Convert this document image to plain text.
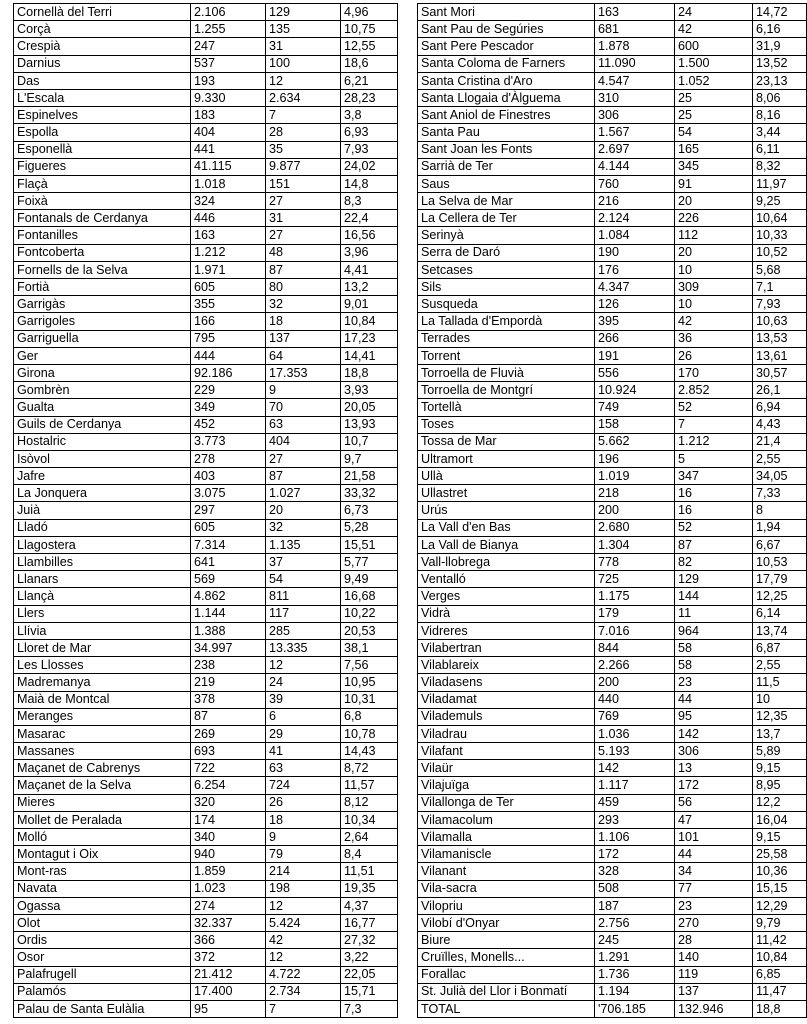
Cornellà del Terri	2.106	129	4,96
Corçà	1.255	135	10,75
Crespià	247	31	12,55
Darnius	537	100	18,6
Das	193	12	6,21
L'Escala	9.330	2.634	28,23
Espinelves	183	7	3,8
Espolla	404	28	6,93
Esponellà	441	35	7,93
Figueres	41.115	9.877	24,02
Flaçà	1.018	151	14,8
Foixà	324	27	8,3
Fontanals de Cerdanya	446	31	22,4
Fontanilles	163	27	16,56
Fontcoberta	1.212	48	3,96
Fornells de la Selva	1.971	87	4,41
Fortià	605	80	13,2
Garrigàs	355	32	9,01
Garrigoles	166	18	10,84
Garriguella	795	137	17,23
Ger	444	64	14,41
Girona	92.186	17.353	18,8
Gombrèn	229	9	3,93
Gualta	349	70	20,05
Guils de Cerdanya	452	63	13,93
Hostalric	3.773	404	10,7
Isòvol	278	27	9,7
Jafre	403	87	21,58
La Jonquera	3.075	1.027	33,32
Juià	297	20	6,73
Lladó	605	32	5,28
Llagostera	7.314	1.135	15,51
Llambilles	641	37	5,77
Llanars	569	54	9,49
Llançà	4.862	811	16,68
Llers	1.144	117	10,22
Llívia	1.388	285	20,53
Lloret de Mar	34.997	13.335	38,1
Les Llosses	238	12	7,56
Madremanya	219	24	10,95
Maià de Montcal	378	39	10,31
Meranges	87	6	6,8
Masarac	269	29	10,78
Massanes	693	41	14,43
Maçanet de Cabrenys	722	63	8,72
Maçanet de la Selva	6.254	724	11,57
Mieres	320	26	8,12
Mollet de Peralada	174	18	10,34
Molló	340	9	2,64
Montagut i Oix	940	79	8,4
Mont-ras	1.859	214	11,51
Navata	1.023	198	19,35
Ogassa	274	12	4,37
Olot	32.337	5.424	16,77
Ordis	366	42	27,32
Osor	372	12	3,22
Palafrugell	21.412	4.722	22,05
Palamós	17.400	2.734	15,71
Palau de Santa Eulàlia	95	7	7,3
Sant Mori	163	24	14,72
Sant Pau de Segúries	681	42	6,16
Sant Pere Pescador	1.878	600	31,9
Santa Coloma de Farners	11.090	1.500	13,52
Santa Cristina d'Aro	4.547	1.052	23,13
Santa Llogaia d'Àlguema	310	25	8,06
Sant Aniol de Finestres	306	25	8,16
Santa Pau	1.567	54	3,44
Sant Joan les Fonts	2.697	165	6,11
Sarrià de Ter	4.144	345	8,32
Saus	760	91	11,97
La Selva de Mar	216	20	9,25
La Cellera de Ter	2.124	226	10,64
Serinyà	1.084	112	10,33
Serra de Daró	190	20	10,52
Setcases	176	10	5,68
Sils	4.347	309	7,1
Susqueda	126	10	7,93
La Tallada d'Empordà	395	42	10,63
Terrades	266	36	13,53
Torrent	191	26	13,61
Torroella de Fluvià	556	170	30,57
Torroella de Montgrí	10.924	2.852	26,1
Tortellà	749	52	6,94
Toses	158	7	4,43
Tossa de Mar	5.662	1.212	21,4
Ultramort	196	5	2,55
Ullà	1.019	347	34,05
Ullastret	218	16	7,33
Urús	200	16	8
La Vall d'en Bas	2.680	52	1,94
La Vall de Bianya	1.304	87	6,67
Vall-llobrega	778	82	10,53
Ventalló	725	129	17,79
Verges	1.175	144	12,25
Vidrà	179	11	6,14
Vidreres	7.016	964	13,74
Vilabertran	844	58	6,87
Vilablareix	2.266	58	2,55
Viladasens	200	23	11,5
Viladamat	440	44	10
Vilademuls	769	95	12,35
Viladrau	1.036	142	13,7
Vilafant	5.193	306	5,89
Vilaür	142	13	9,15
Vilajuïga	1.117	172	8,95
Vilallonga de Ter	459	56	12,2
Vilamacolum	293	47	16,04
Vilamalla	1.106	101	9,15
Vilamaniscle	172	44	25,58
Vilanant	328	34	10,36
Vila-sacra	508	77	15,15
Vilopriu	187	23	12,29
Vilobí d'Onyar	2.756	270	9,79
Biure	245	28	11,42
Cruïlles, Monells...	1.291	140	10,84
Forallac	1.736	119	6,85
St. Julià del Llor i Bonmatí	1.194	137	11,47
TOTAL	'706.185	132.946	18,8
